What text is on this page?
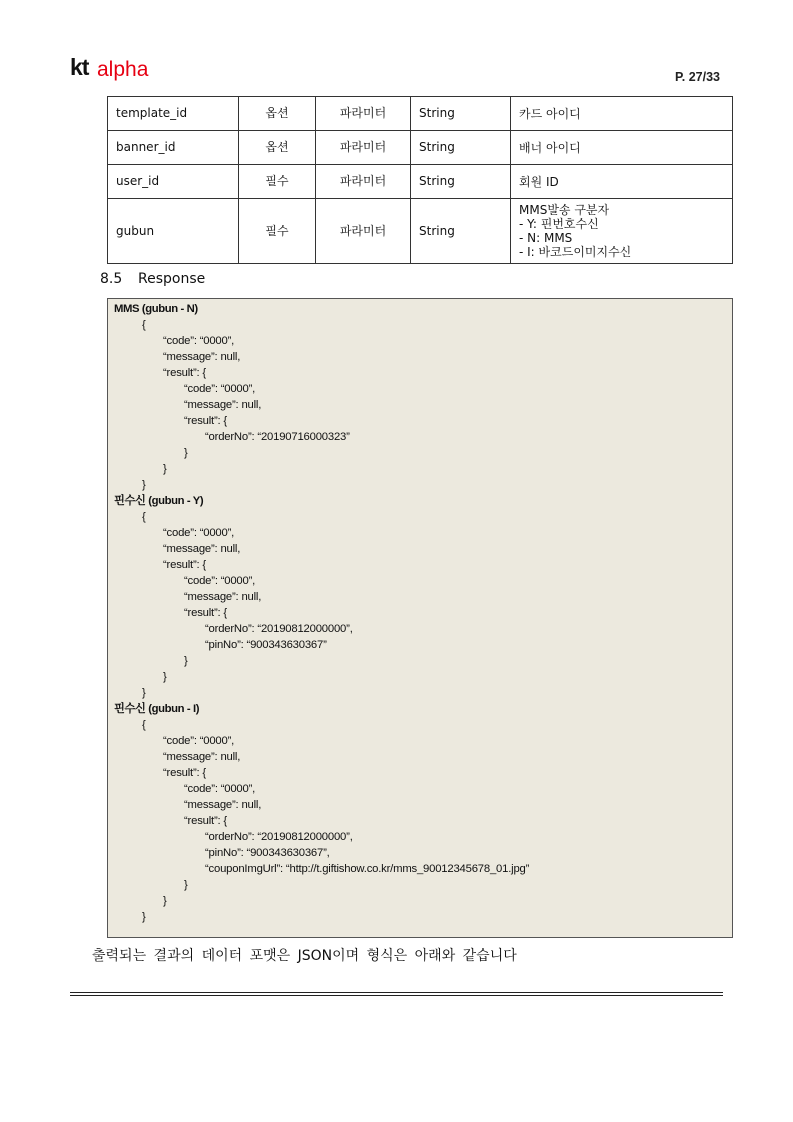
kt alpha	P. 27/33
template_id	옵션	파라미터	String	카드 아이디

banner_id	옵션	파라미터	String	배너 아이디

user_id	필수	파라미터	String	회원 ID

gubun	필수	파라미터	String	MMS발송 구분자
- Y: 핀번호수신
- N: MMS
- I: 바코드이미지수신
8.5 Response
MMS (gubun - N)
{
“code”: “0000”,
“message”: null,
“result”: {
“code”: “0000”,
“message”: null,
“result”: {
“orderNo”: “20190716000323”
}
}
}
핀수신 (gubun - Y)
{
“code”: “0000”,
“message”: null,
“result”: {
“code”: “0000”,
“message”: null,
“result”: {
“orderNo”: “20190812000000”,
“pinNo”: “900343630367”
}
}
}
핀수신 (gubun - I)
{
“code”: “0000”,
“message”: null,
“result”: {
“code”: “0000”,
“message”: null,
“result”: {
“orderNo”: “20190812000000”,
“pinNo”: “900343630367”,
“couponImgUrl”: “http://t.giftishow.co.kr/mms_90012345678_01.jpg”
}
}
}
출력되는 결과의 데이터 포맷은 JSON이며 형식은 아래와 같습니다
